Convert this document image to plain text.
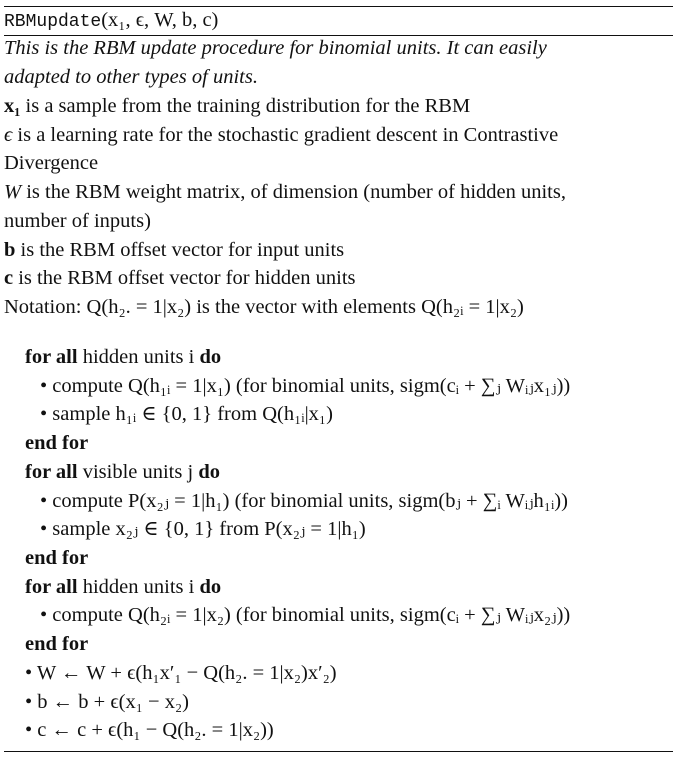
RBMupdate(x₁, ϵ, W, b, c)
This is the RBM update procedure for binomial units. It can easily
adapted to other types of units.
x₁ is a sample from the training distribution for the RBM
ϵ is a learning rate for the stochastic gradient descent in Contrastive
Divergence
W is the RBM weight matrix, of dimension (number of hidden units,
number of inputs)
b is the RBM offset vector for input units
c is the RBM offset vector for hidden units
Notation: Q(h₂. = 1|x₂) is the vector with elements Q(h₂ᵢ = 1|x₂)
for all hidden units i do
• compute Q(h₁ᵢ = 1|x₁) (for binomial units, sigm(cᵢ + ∑ⱼ Wᵢⱼx₁ⱼ))
• sample h₁ᵢ ∈ {0, 1} from Q(h₁ᵢ|x₁)
end for
for all visible units j do
• compute P(x₂ⱼ = 1|h₁) (for binomial units, sigm(bⱼ + ∑ᵢ Wᵢⱼh₁ᵢ))
• sample x₂ⱼ ∈ {0, 1} from P(x₂ⱼ = 1|h₁)
end for
for all hidden units i do
• compute Q(h₂ᵢ = 1|x₂) (for binomial units, sigm(cᵢ + ∑ⱼ Wᵢⱼx₂ⱼ))
end for
• W ← W + ϵ(h₁x′₁ − Q(h₂. = 1|x₂)x′₂)
• b ← b + ϵ(x₁ − x₂)
• c ← c + ϵ(h₁ − Q(h₂. = 1|x₂))
